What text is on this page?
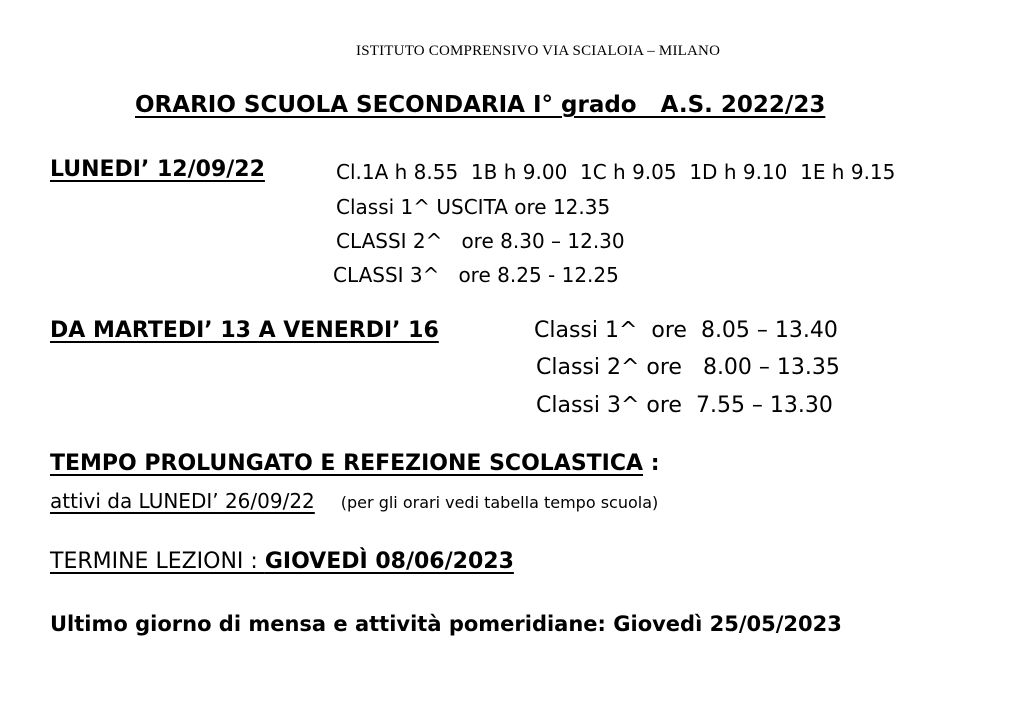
ISTITUTO COMPRENSIVO VIA SCIALOIA – MILANO
ORARIO SCUOLA SECONDARIA I° grado   A.S. 2022/23
LUNEDI’ 12/09/22	Cl.1A h 8.55  1B h 9.00  1C h 9.05  1D h 9.10  1E h 9.15
Classi 1^ USCITA ore 12.35
CLASSI 2^   ore 8.30 – 12.30
CLASSI 3^   ore 8.25 - 12.25
DA MARTEDI’ 13 A VENERDI’ 16	Classi 1^  ore  8.05 – 13.40
Classi 2^ ore   8.00 – 13.35
Classi 3^ ore  7.55 – 13.30
TEMPO PROLUNGATO E REFEZIONE SCOLASTICA :
attivi da LUNEDI’ 26/09/22 (per gli orari vedi tabella tempo scuola)
TERMINE LEZIONI : GIOVEDÌ 08/06/2023
Ultimo giorno di mensa e attività pomeridiane: Giovedì 25/05/2023
